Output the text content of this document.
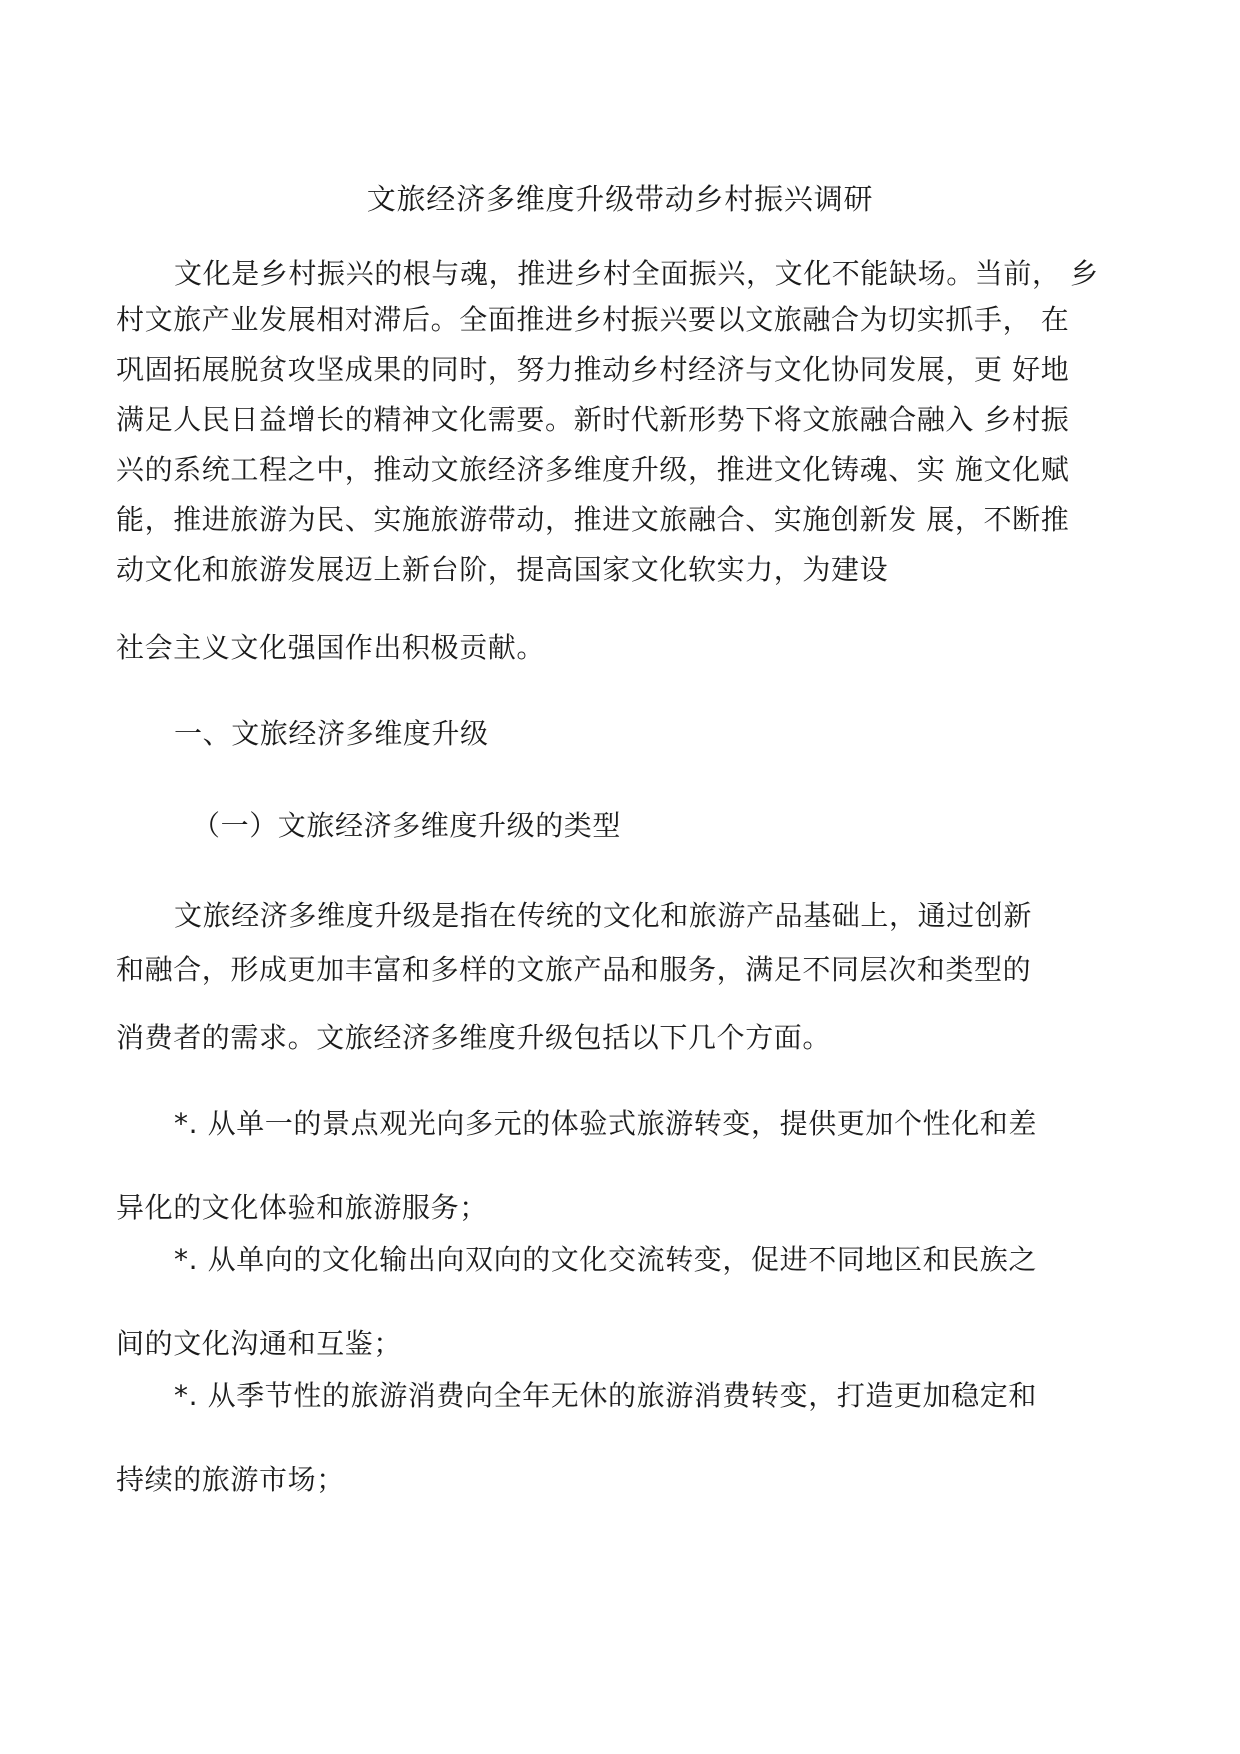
文旅经济多维度升级带动乡村振兴调研
文化是乡村振兴的根与魂，推进乡村全面振兴，文化不能缺场。当前， 乡
村文旅产业发展相对滞后。全面推进乡村振兴要以文旅融合为切实抓手， 在
巩固拓展脱贫攻坚成果的同时，努力推动乡村经济与文化协同发展，更 好地
满足人民日益增长的精神文化需要。新时代新形势下将文旅融合融入 乡村振
兴的系统工程之中，推动文旅经济多维度升级，推进文化铸魂、实 施文化赋
能，推进旅游为民、实施旅游带动，推进文旅融合、实施创新发 展，不断推
动文化和旅游发展迈上新台阶，提高国家文化软实力，为建设
社会主义文化强国作出积极贡献。
一、文旅经济多维度升级
（一）文旅经济多维度升级的类型
文旅经济多维度升级是指在传统的文化和旅游产品基础上，通过创新
和融合，形成更加丰富和多样的文旅产品和服务，满足不同层次和类型的
消费者的需求。文旅经济多维度升级包括以下几个方面。
*. 从单一的景点观光向多元的体验式旅游转变，提供更加个性化和差
异化的文化体验和旅游服务；
*. 从单向的文化输出向双向的文化交流转变，促进不同地区和民族之
间的文化沟通和互鉴；
*. 从季节性的旅游消费向全年无休的旅游消费转变，打造更加稳定和
持续的旅游市场；
